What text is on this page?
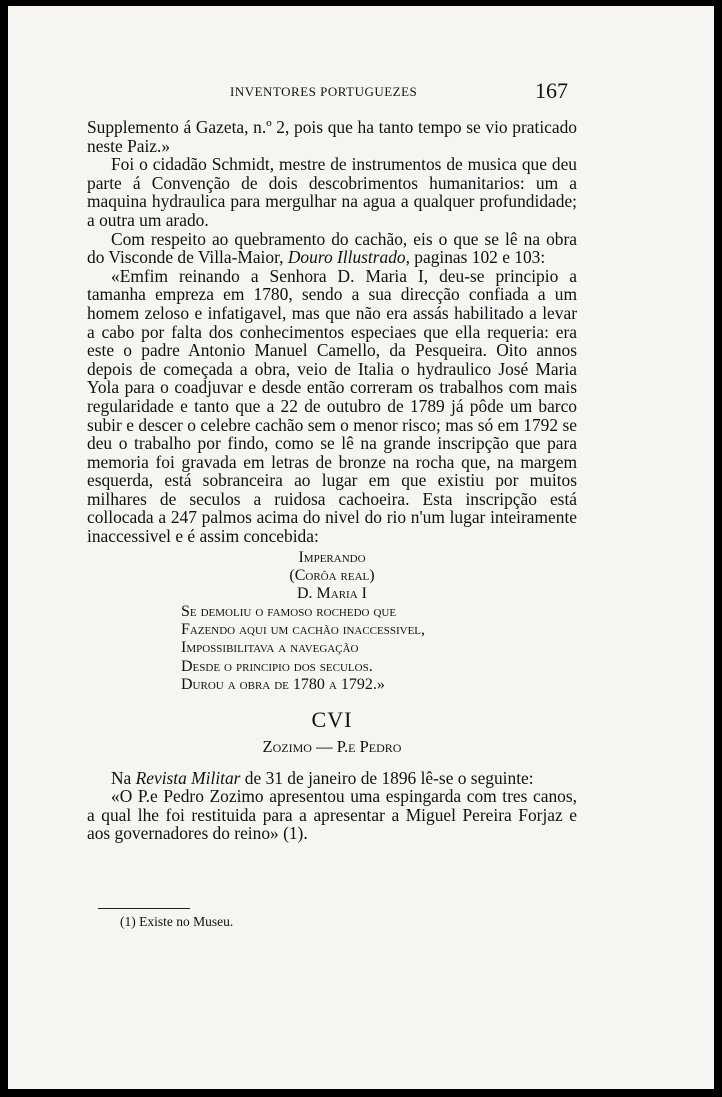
INVENTORES PORTUGUEZES	167

Supplemento á Gazeta, n.º 2, pois que ha tanto tempo se vio praticado neste Paiz.»

Foi o cidadão Schmidt, mestre de instrumentos de musica que deu parte á Convenção de dois descobrimentos humanitarios: um a maquina hydraulica para mergulhar na agua a qualquer profundidade; a outra um arado.

Com respeito ao quebramento do cachão, eis o que se lê na obra do Visconde de Villa-Maior, Douro Illustrado, paginas 102 e 103:

«Emfim reinando a Senhora D. Maria I, deu-se principio a tamanha empreza em 1780, sendo a sua direcção confiada a um homem zeloso e infatigavel, mas que não era assás habilitado a levar a cabo por falta dos conhecimentos especiaes que ella requeria: era este o padre Antonio Manuel Camello, da Pesqueira. Oito annos depois de começada a obra, veio de Italia o hydraulico José Maria Yola para o coadjuvar e desde então correram os trabalhos com mais regularidade e tanto que a 22 de outubro de 1789 já pôde um barco subir e descer o celebre cachão sem o menor risco; mas só em 1792 se deu o trabalho por findo, como se lê na grande inscripção que para memoria foi gravada em letras de bronze na rocha que, na margem esquerda, está sobranceira ao lugar em que existiu por muitos milhares de seculos a ruidosa cachoeira. Esta inscripção está collocada a 247 palmos acima do nivel do rio n'um lugar inteiramente inaccessivel e é assim concebida:

Imperando

(Corôa real)

D. Maria I

Se demoliu o famoso rochedo que

Fazendo aqui um cachão inaccessivel,

Impossibilitava a navegação

Desde o principio dos seculos.

Durou a obra de 1780 a 1792.»

CVI
Zozimo — P.e Pedro

Na Revista Militar de 31 de janeiro de 1896 lê-se o seguinte:

«O P.e Pedro Zozimo apresentou uma espingarda com tres canos, a qual lhe foi restituida para a apresentar a Miguel Pereira Forjaz e aos governadores do reino» (1).

(1) Existe no Museu.
